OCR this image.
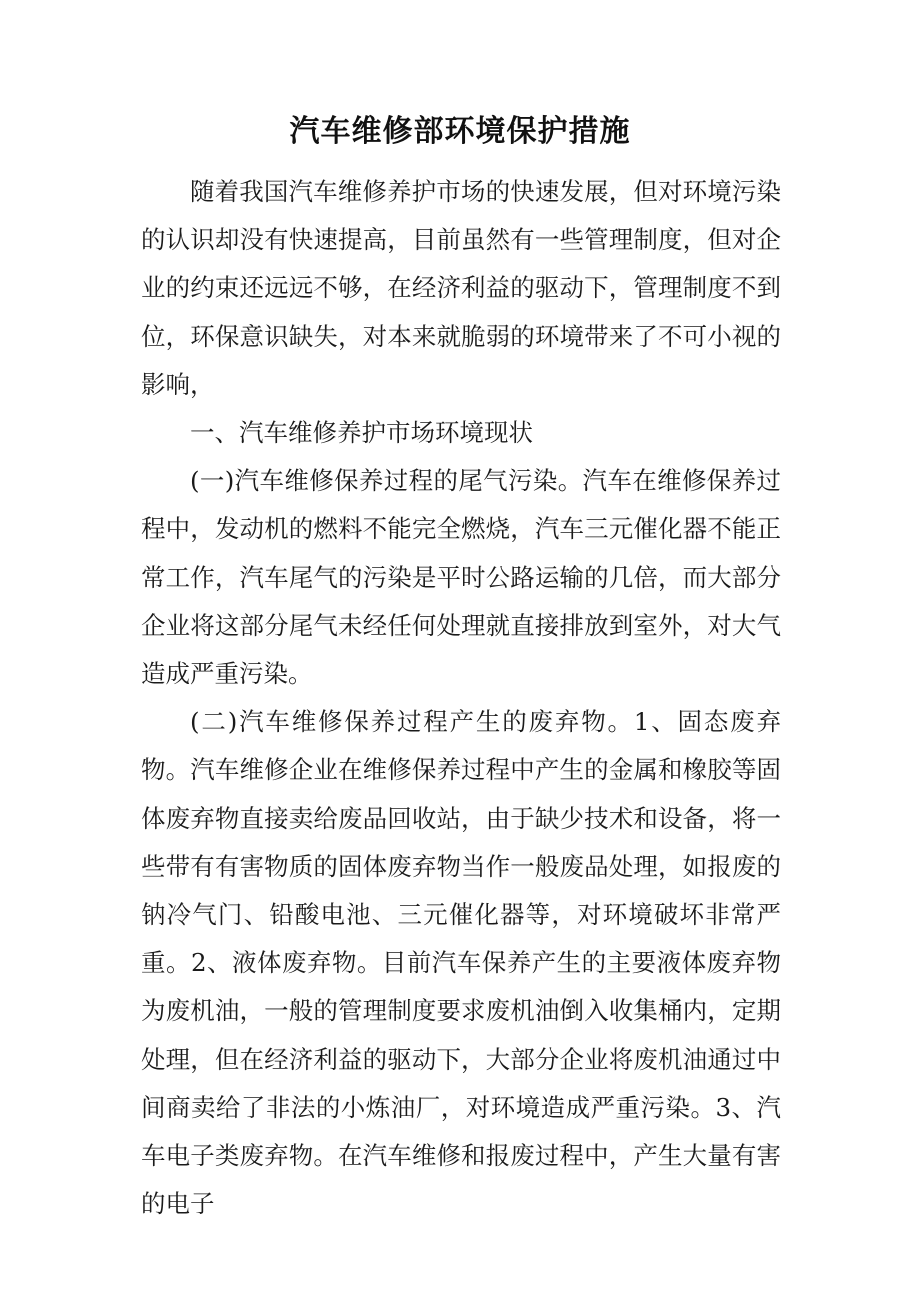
汽车维修部环境保护措施

随着我国汽车维修养护市场的快速发展，但对环境污染的认识却没有快速提高，目前虽然有一些管理制度，但对企业的约束还远远不够，在经济利益的驱动下，管理制度不到位，环保意识缺失，对本来就脆弱的环境带来了不可小视的影响，

一、汽车维修养护市场环境现状

(一)汽车维修保养过程的尾气污染。汽车在维修保养过程中，发动机的燃料不能完全燃烧，汽车三元催化器不能正常工作，汽车尾气的污染是平时公路运输的几倍，而大部分企业将这部分尾气未经任何处理就直接排放到室外，对大气造成严重污染。

(二)汽车维修保养过程产生的废弃物。1、固态废弃物。汽车维修企业在维修保养过程中产生的金属和橡胶等固体废弃物直接卖给废品回收站，由于缺少技术和设备，将一些带有有害物质的固体废弃物当作一般废品处理，如报废的钠冷气门、铅酸电池、三元催化器等，对环境破坏非常严重。2、液体废弃物。目前汽车保养产生的主要液体废弃物为废机油，一般的管理制度要求废机油倒入收集桶内，定期处理，但在经济利益的驱动下，大部分企业将废机油通过中间商卖给了非法的小炼油厂，对环境造成严重污染。3、汽车电子类废弃物。在汽车维修和报废过程中，产生大量有害的电子
